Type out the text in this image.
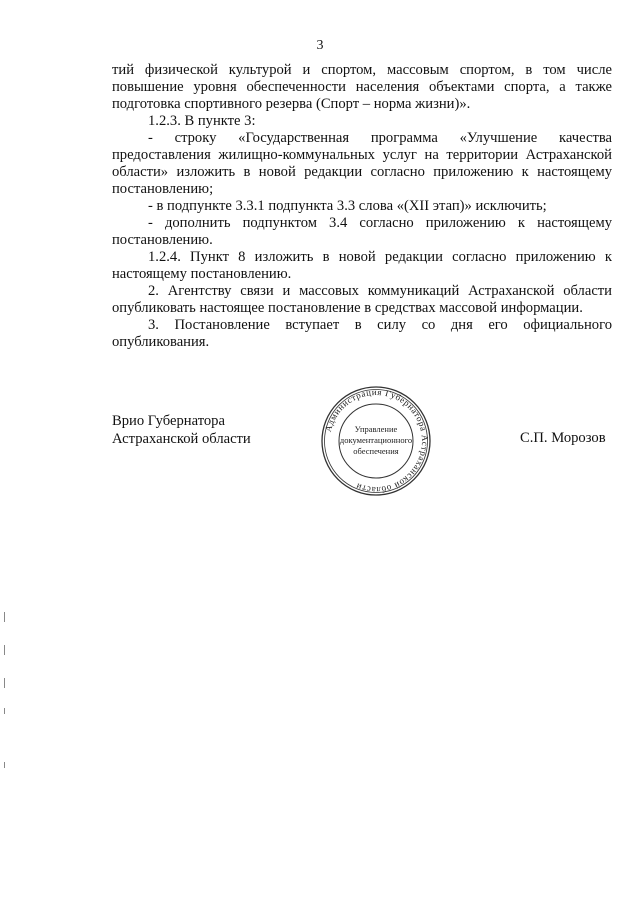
3

тий физической культурой и спортом, массовым спортом, в том числе повышение уровня обеспеченности населения объектами спорта, а также подготовка спортивного резерва (Спорт – норма жизни)».

1.2.3. В пункте 3:

- строку «Государственная программа «Улучшение качества предоставления жилищно-коммунальных услуг на территории Астраханской области» изложить в новой редакции согласно приложению к настоящему постановлению;

- в подпункте 3.3.1 подпункта 3.3 слова «(XII этап)» исключить;

- дополнить подпунктом 3.4 согласно приложению к настоящему постановлению.

1.2.4. Пункт 8 изложить в новой редакции согласно приложению к настоящему постановлению.

2. Агентству связи и массовых коммуникаций Астраханской области опубликовать настоящее постановление в средствах массовой информации.

3. Постановление вступает в силу со дня его официального опубликования.

Врио Губернатора
Астраханской области
Администрация Губернатора Астраханской области
Управление
документационного
обеспечения
С.П. Морозов
